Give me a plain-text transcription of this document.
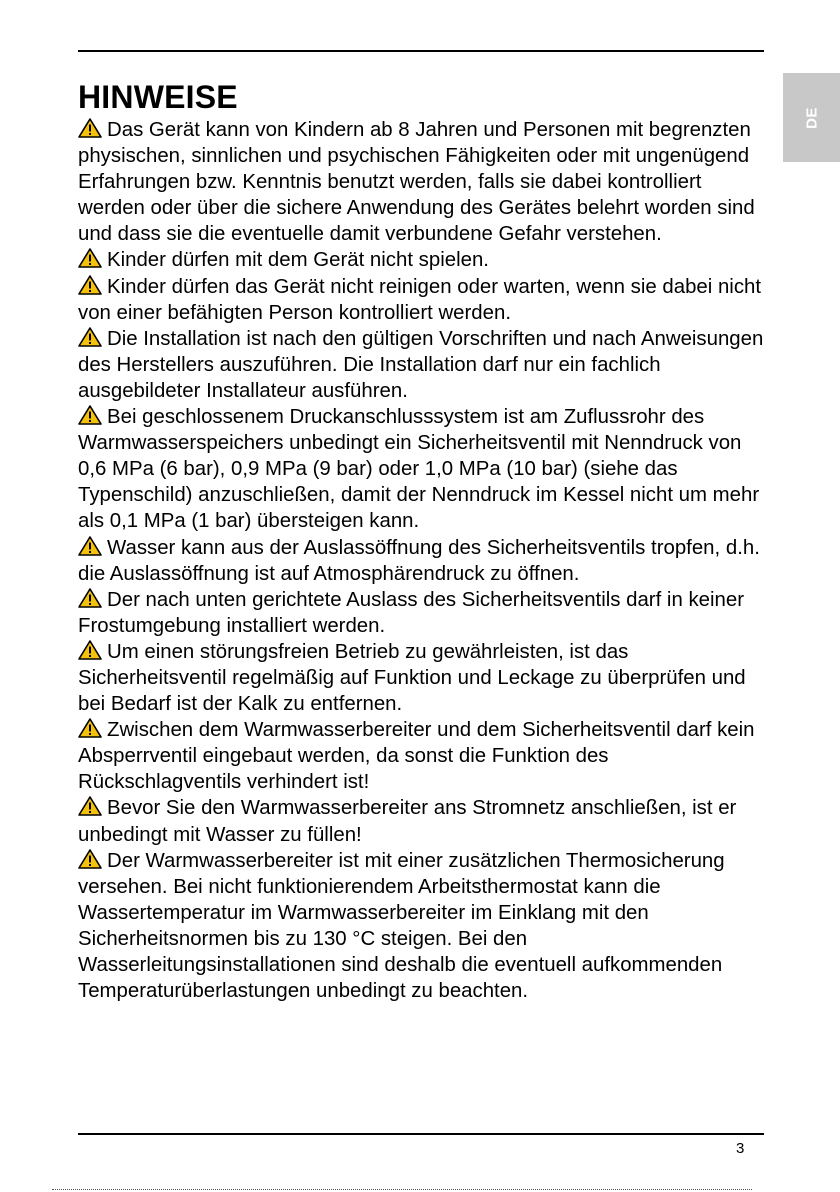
DE
HINWEISE

Das Gerät kann von Kindern ab 8 Jahren und Personen mit begrenzten physischen, sinnlichen und psychischen Fähigkeiten oder mit ungenügend Erfahrungen bzw. Kenntnis benutzt werden, falls sie dabei kontrolliert werden oder über die sichere Anwendung des Gerätes belehrt worden sind und dass sie die eventuelle damit verbundene Gefahr verstehen.

Kinder dürfen mit dem Gerät nicht spielen.

Kinder dürfen das Gerät nicht reinigen oder warten, wenn sie dabei nicht von einer befähigten Person kontrolliert werden.

Die Installation ist nach den gültigen Vorschriften und nach Anweisungen des Herstellers auszuführen. Die Installation darf nur ein fachlich ausgebildeter Installateur ausführen.

Bei geschlossenem Druckanschlusssystem ist am Zuflussrohr des Warmwasserspeichers unbedingt ein Sicherheitsventil mit Nenndruck von 0,6 MPa (6 bar), 0,9 MPa (9 bar) oder 1,0 MPa (10 bar) (siehe das Typenschild) anzuschließen, damit der Nenndruck im Kessel nicht um mehr als 0,1 MPa (1 bar) übersteigen kann.

Wasser kann aus der Auslassöffnung des Sicherheitsventils tropfen, d.h. die Auslassöffnung ist auf Atmosphärendruck zu öffnen.

Der nach unten gerichtete Auslass des Sicherheitsventils darf in keiner Frostumgebung installiert werden.

Um einen störungsfreien Betrieb zu gewährleisten, ist das Sicherheitsventil regelmäßig auf Funktion und Leckage zu überprüfen und bei Bedarf ist der Kalk zu entfernen.

Zwischen dem Warmwasserbereiter und dem Sicherheitsventil darf kein Absperrventil eingebaut werden, da sonst die Funktion des Rückschlagventils verhindert ist!

Bevor Sie den Warmwasserbereiter ans Stromnetz anschließen, ist er unbedingt mit Wasser zu füllen!

Der Warmwasserbereiter ist mit einer zusätzlichen Thermosicherung versehen. Bei nicht funktionierendem Arbeitsthermostat kann die Wassertemperatur im Warmwasserbereiter im Einklang mit den Sicherheitsnormen bis zu 130 °C steigen. Bei den Wasserleitungsinstallationen sind deshalb die eventuell aufkommenden Temperaturüberlastungen unbedingt zu beachten.

3
